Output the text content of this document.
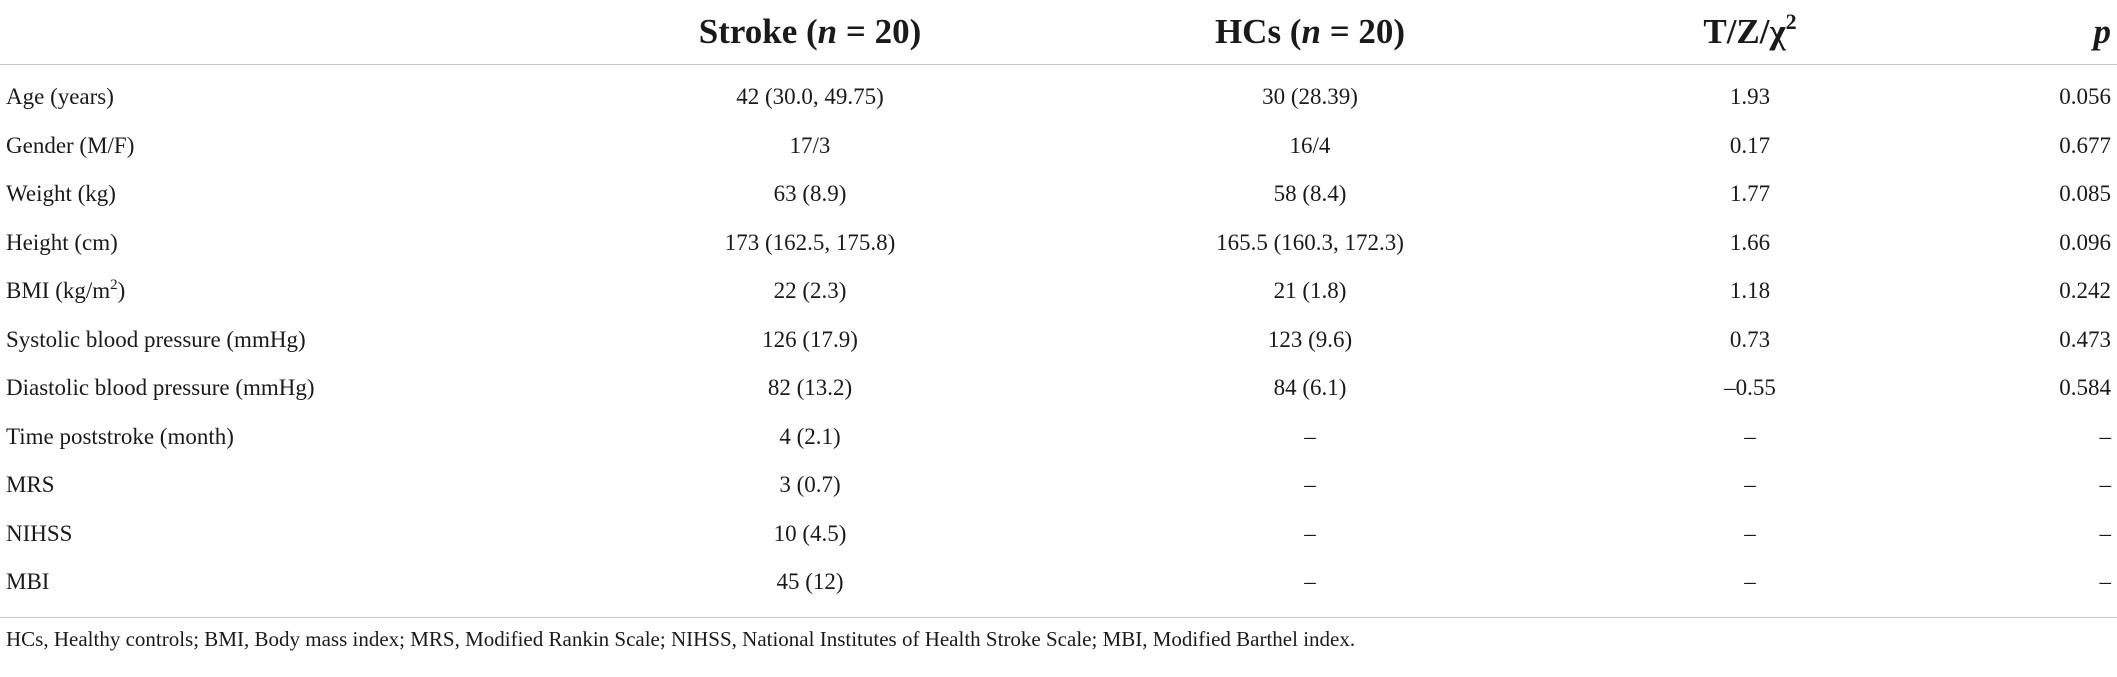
	Stroke (n = 20)	HCs (n = 20)	$T/Z/\chi^2$	p
Age (years)	42 (30.0, 49.75)	30 (28.39)	1.93	0.056
Gender (M/F)	17/3	16/4	0.17	0.677
Weight (kg)	63 (8.9)	58 (8.4)	1.77	0.085
Height (cm)	173 (162.5, 175.8)	165.5 (160.3, 172.3)	1.66	0.096
BMI $(kg/m^2)$	22 (2.3)	21 (1.8)	1.18	0.242
Systolic blood pressure (mmHg)	126 (17.9)	123 (9.6)	0.73	0.473
Diastolic blood pressure (mmHg)	82 (13.2)	84 (6.1)	–0.55	0.584
Time poststroke (month)	4 (2.1)	–	–	–
MRS	3 (0.7)	–	–	–
NIHSS	10 (4.5)	–	–	–
MBI	45 (12)	–	–	–
HCs, Healthy controls; BMI, Body mass index; MRS, Modified Rankin Scale; NIHSS, National Institutes of Health Stroke Scale; MBI, Modified Barthel index.
